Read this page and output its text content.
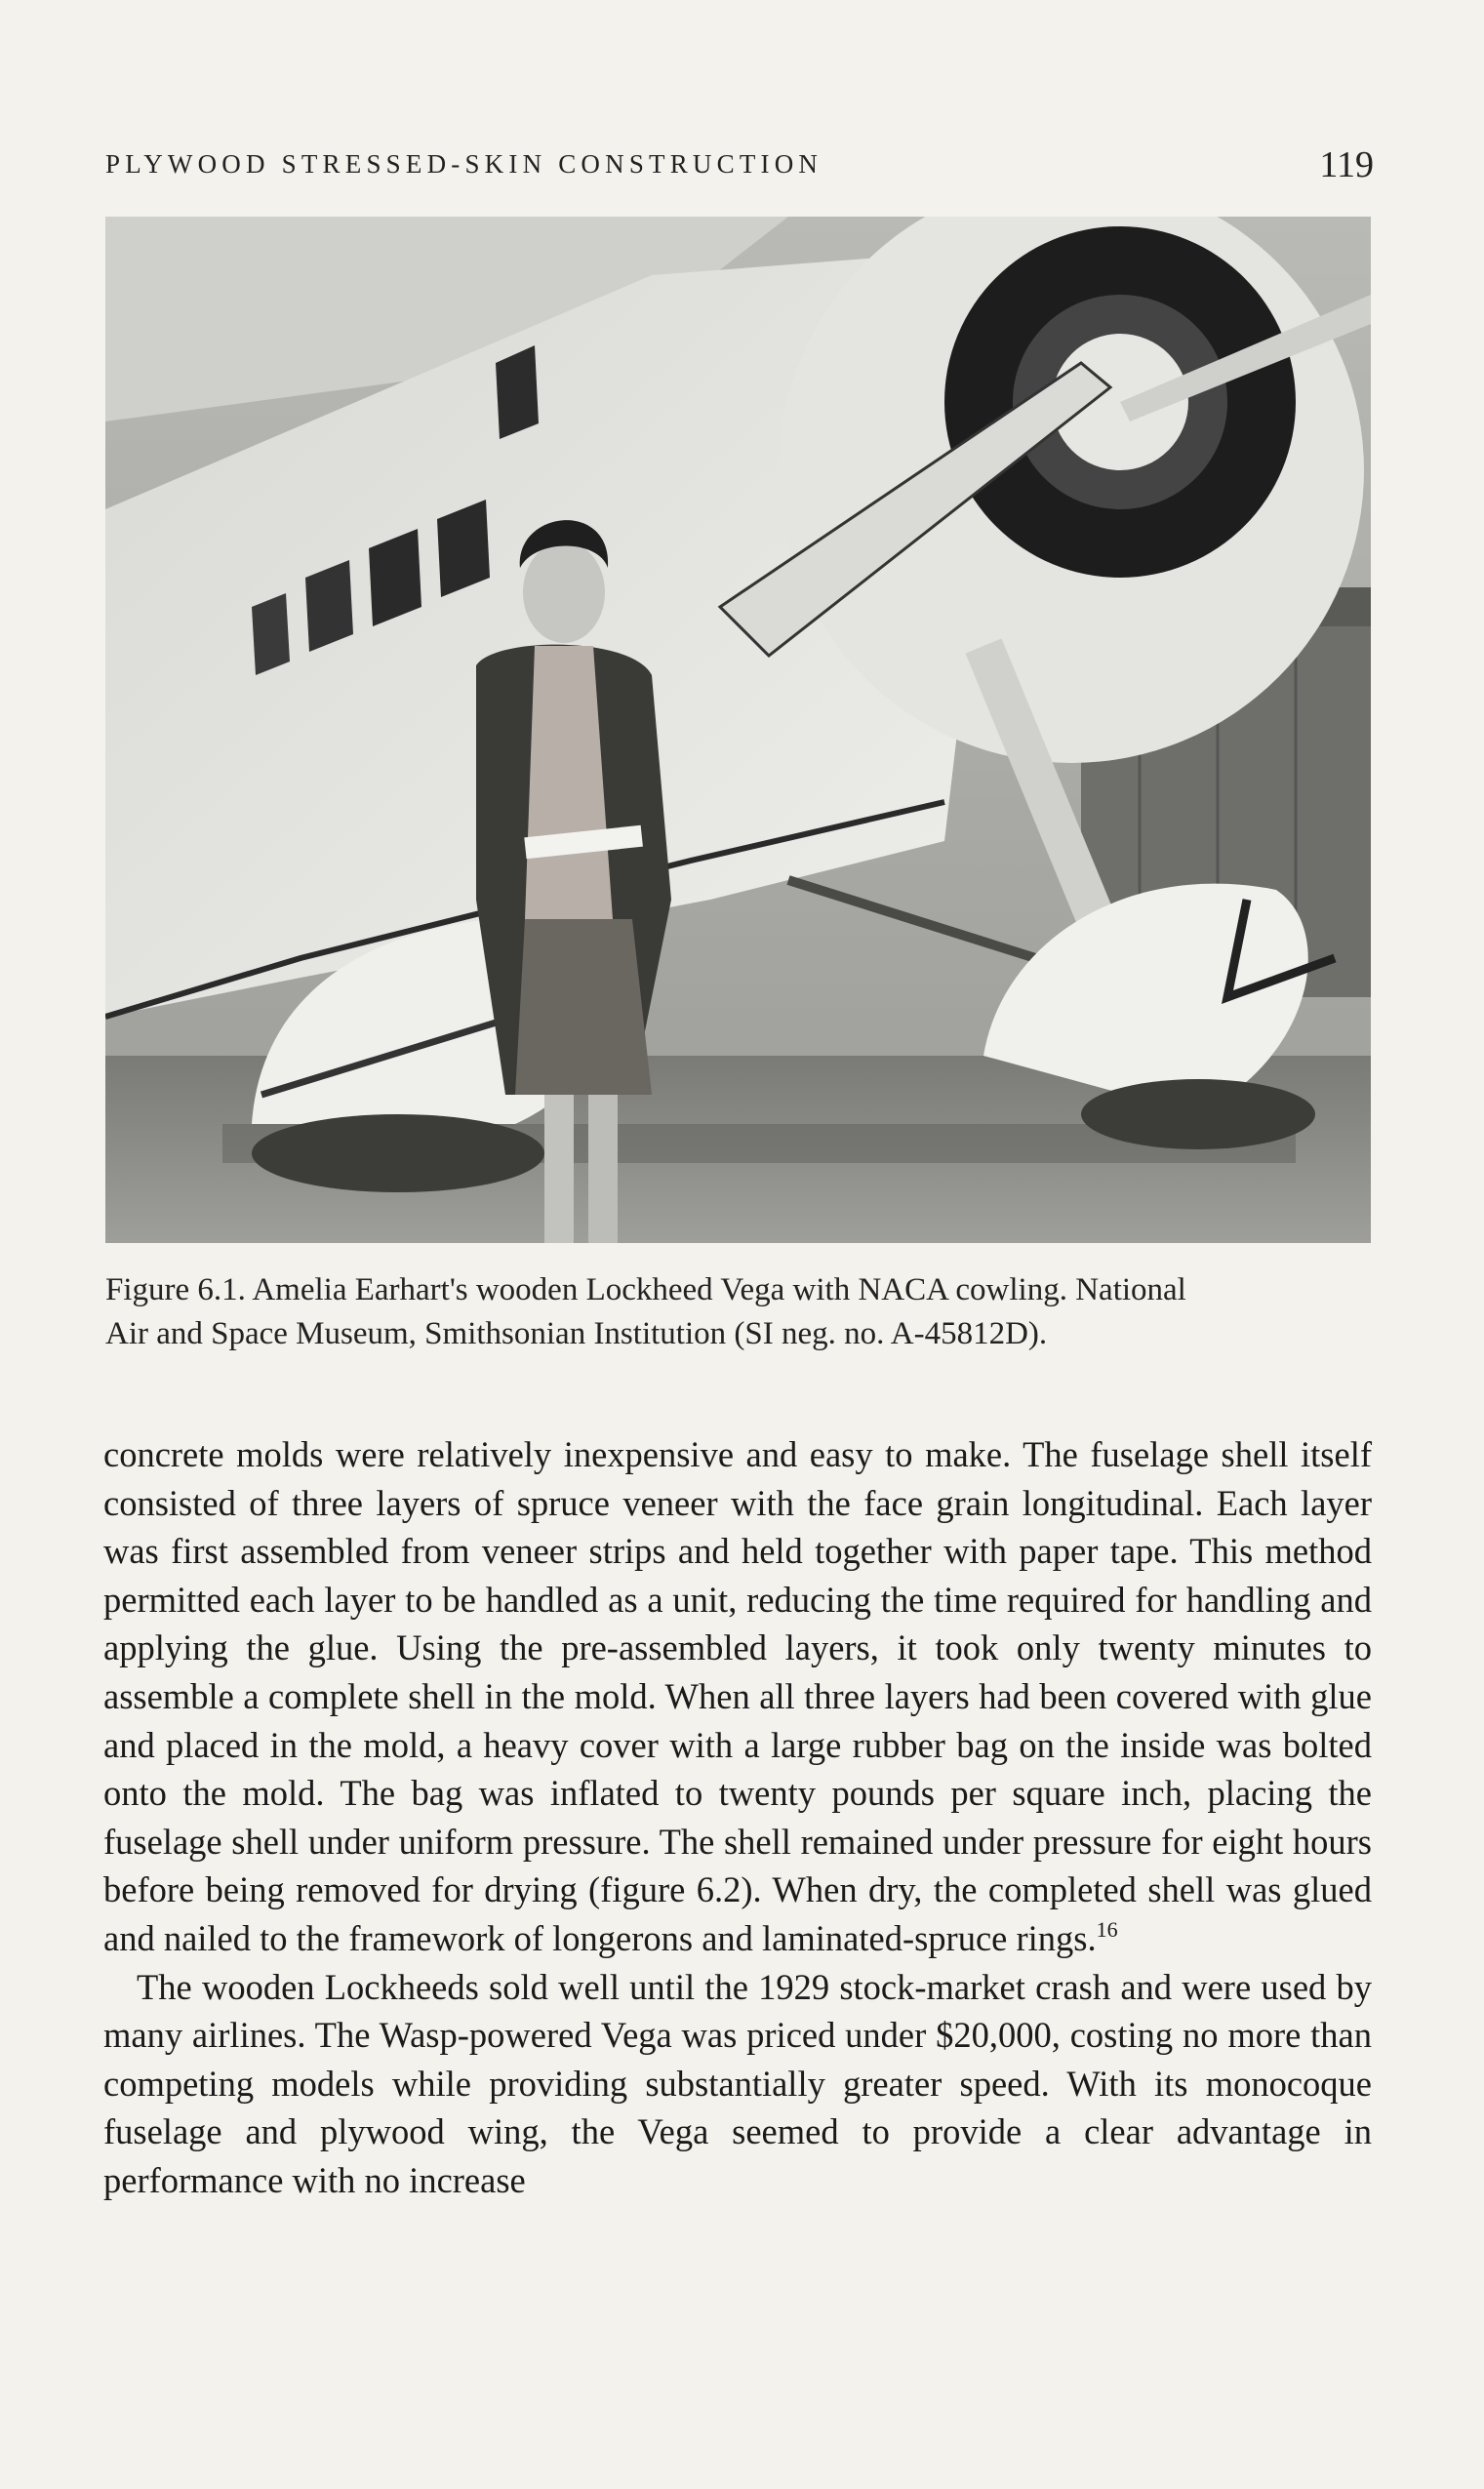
PLYWOOD STRESSED-SKIN CONSTRUCTION	119
Figure 6.1. Amelia Earhart's wooden Lockheed Vega with NACA cowling. National
Air and Space Museum, Smithsonian Institution (SI neg. no. A-45812D).

concrete molds were relatively inexpensive and easy to make. The fuselage shell itself consisted of three layers of spruce veneer with the face grain longitudinal. Each layer was first assembled from veneer strips and held together with paper tape. This method permitted each layer to be handled as a unit, reducing the time required for handling and applying the glue. Using the pre-assembled layers, it took only twenty minutes to assemble a complete shell in the mold. When all three layers had been covered with glue and placed in the mold, a heavy cover with a large rubber bag on the inside was bolted onto the mold. The bag was inflated to twenty pounds per square inch, placing the fuselage shell under uniform pressure. The shell remained under pressure for eight hours before being removed for drying (figure 6.2). When dry, the completed shell was glued and nailed to the framework of longerons and laminated-spruce rings.$^{16}$

The wooden Lockheeds sold well until the 1929 stock-market crash and were used by many airlines. The Wasp-powered Vega was priced under $20,000, costing no more than competing models while providing substantially greater speed. With its monocoque fuselage and plywood wing, the Vega seemed to provide a clear advantage in performance with no increase
